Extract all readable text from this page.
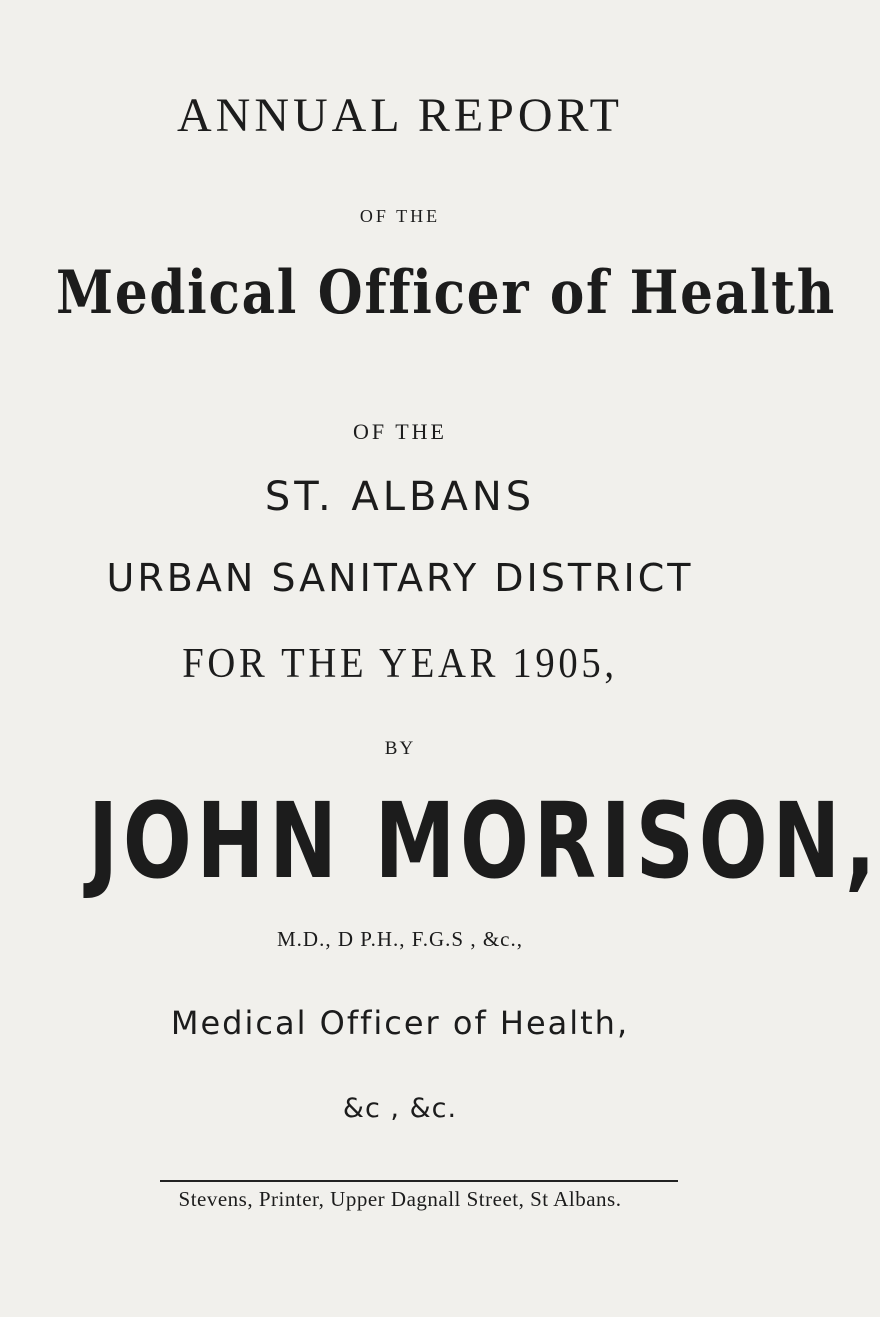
ANNUAL REPORT
OF THE
Medical Officer of Health
OF THE
ST. ALBANS
URBAN SANITARY DISTRICT
FOR THE YEAR 1905,
BY
JOHN MORISON,
M.D., D P.H., F.G.S , &c.,
Medical Officer of Health,
&c , &c.
Stevens, Printer, Upper Dagnall Street, St Albans.
